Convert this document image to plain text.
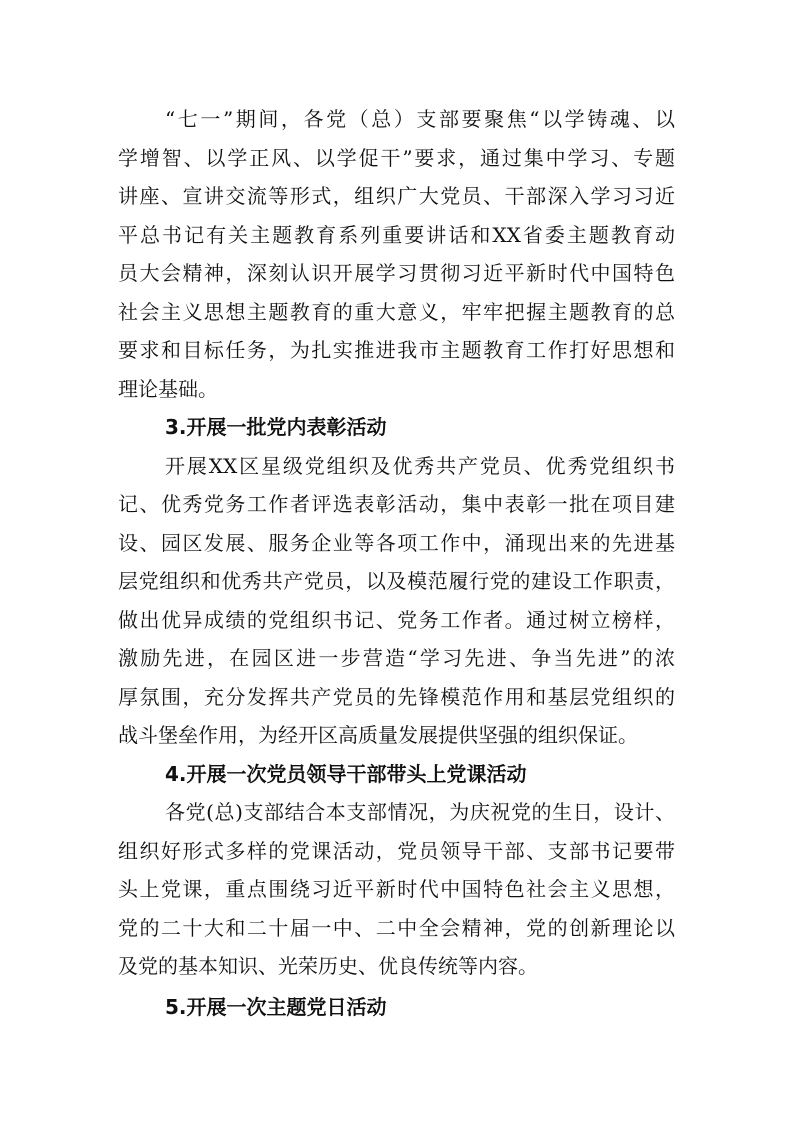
“七一”期间，各党（总）支部要聚焦“以学铸魂、以
学增智、以学正风、以学促干”要求，通过集中学习、专题
讲座、宣讲交流等形式，组织广大党员、干部深入学习习近
平总书记有关主题教育系列重要讲话和XX省委主题教育动
员大会精神，深刻认识开展学习贯彻习近平新时代中国特色
社会主义思想主题教育的重大意义，牢牢把握主题教育的总
要求和目标任务，为扎实推进我市主题教育工作打好思想和
理论基础。
3.开展一批党内表彰活动
开展XX区星级党组织及优秀共产党员、优秀党组织书
记、优秀党务工作者评选表彰活动，集中表彰一批在项目建
设、园区发展、服务企业等各项工作中，涌现出来的先进基
层党组织和优秀共产党员，以及模范履行党的建设工作职责，
做出优异成绩的党组织书记、党务工作者。通过树立榜样，
激励先进，在园区进一步营造“学习先进、争当先进”的浓
厚氛围，充分发挥共产党员的先锋模范作用和基层党组织的
战斗堡垒作用，为经开区高质量发展提供坚强的组织保证。
4.开展一次党员领导干部带头上党课活动
各党(总)支部结合本支部情况，为庆祝党的生日，设计、
组织好形式多样的党课活动，党员领导干部、支部书记要带
头上党课，重点围绕习近平新时代中国特色社会主义思想，
党的二十大和二十届一中、二中全会精神，党的创新理论以
及党的基本知识、光荣历史、优良传统等内容。
5.开展一次主题党日活动
